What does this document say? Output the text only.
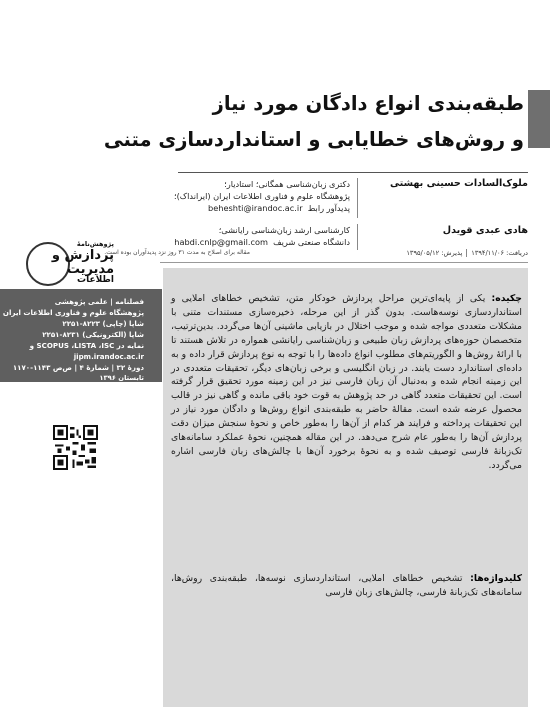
طبقه‌بندی انواع دادگان مورد نیاز
و روش‌های خطایابی و استانداردسازی متنی
ملوک‌السادات حسینی بهشتی
دکتری زبان‌شناسی همگانی؛ استادیار؛
پژوهشگاه علوم و فناوری اطلاعات ایران (ایرانداک)؛
پدیدآور رابط  beheshti@irandoc.ac.ir
هادی عبدی قویدل
کارشناسی ارشد زبان‌شناسی رایانشی؛
دانشگاه صنعتی شریف  habdi.cnlp@gmail.com
دریافت: ۱۳۹۴/۱۱/۰۶پذیرش: ۱۳۹۵/۰۵/۱۲
مقاله برای اصلاح به مدت ۳۱ روز نزد پدیدآوران بوده است.
پژوهش‌نامهٔ
پردازش و
مدیریت
اطلاعات
فصلنامه | علمی پژوهشی
پژوهشگاه علوم و فناوری اطلاعات ایران
شاپا (چاپی) ۸۲۲۳-۲۲۵۱
شاپا (الکترونیکی) ۸۲۳۱-۲۲۵۱
نمایه در SCOPUS ،LISTA ،ISC و
jipm.irandoc.ac.ir
دورهٔ ۳۲ | شمارهٔ ۴ | ص‌ص ۱۱۴۳-۱۱۷۰
تابستان ۱۳۹۶
چکیده: یکی از پایه‌ای‌ترین مراحل پردازش خودکار متن، تشخیص خطاهای املایی و استانداردسازی نوسه‌هاست. بدون گذر از این مرحله، ذخیره‌سازی مستندات متنی با مشکلات متعددی مواجه شده و موجب اختلال در بازیابی ماشینی آن‌ها می‌گردد. بدین‌ترتیب، متخصصان حوزه‌های پردازش زبان طبیعی و زبان‌شناسی رایانشی همواره در تلاش هستند تا با ارائهٔ روش‌ها و الگوریتم‌های مطلوب انواع داده‌ها را با توجه به نوع پردازش قرار داده و به داده‌ای استاندارد دست یابند. در زبان انگلیسی و برخی زبان‌های دیگر، تحقیقات متعددی در این زمینه انجام شده و به‌دنبال آن زبان فارسی نیز در این زمینه مورد تحقیق قرار گرفته است. این تحقیقات متعدد گاهی در حد پژوهش به قوت خود باقی مانده و گاهی نیز در قالب محصول عرضه شده است. مقالهٔ حاضر به طبقه‌بندی انواع روش‌ها و دادگان مورد نیاز در این تحقیقات پرداخته و فرایند هر کدام از آن‌ها را به‌طور خاص و نحوهٔ سنجش میزان دقت پردازش آن‌ها را به‌طور عام شرح می‌دهد. در این مقاله همچنین، نحوهٔ عملکرد سامانه‌های تک‌زبانهٔ فارسی توصیف شده و به نحوهٔ برخورد آن‌ها با چالش‌های زبان فارسی اشاره می‌گردد.
کلیدواژه‌ها: تشخیص خطاهای املایی، استانداردسازی نوسه‌ها، طبقه‌بندی روش‌ها، سامانه‌های تک‌زبانهٔ فارسی، چالش‌های زبان فارسی
